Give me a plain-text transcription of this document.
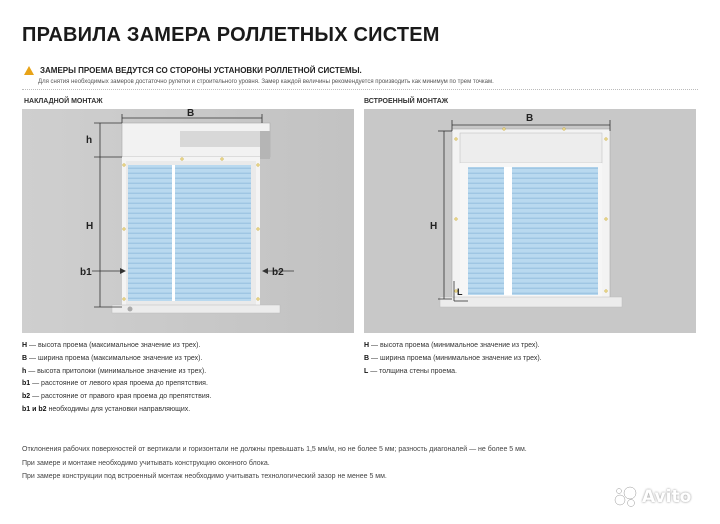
ПРАВИЛА ЗАМЕРА РОЛЛЕТНЫХ СИСТЕМ
ЗАМЕРЫ ПРОЕМА ВЕДУТСЯ СО СТОРОНЫ УСТАНОВКИ РОЛЛЕТНОЙ СИСТЕМЫ.
Для снятия необходимых замеров достаточно рулетки и строительного уровня. Замер каждой величины рекомендуется производить как минимум по трем точкам.
НАКЛАДНОЙ МОНТАЖ	ВСТРОЕННЫЙ МОНТАЖ
B
h
H
b1	b2
B
H
L
H — высота проема (максимальное значение из трех).
B — ширина проема (максимальное значение из трех).
h — высота притолоки (минимальное значение из трех).
b1 — расстояние от левого края проема до препятствия.
b2 — расстояние от правого края проема до препятствия.
b1 и b2 необходимы для установки направляющих.
H — высота проема (минимальное значение из трех).
B — ширина проема (минимальное значение из трех).
L — толщина стены проема.
Отклонения рабочих поверхностей от вертикали и горизонтали не должны превышать 1,5 мм/м, но не более 5 мм; разность диагоналей — не более 5 мм.
При замере и монтаже необходимо учитывать конструкцию оконного блока.
При замере конструкции под встроенный монтаж необходимо учитывать технологический зазор не менее 5 мм.
Avito
